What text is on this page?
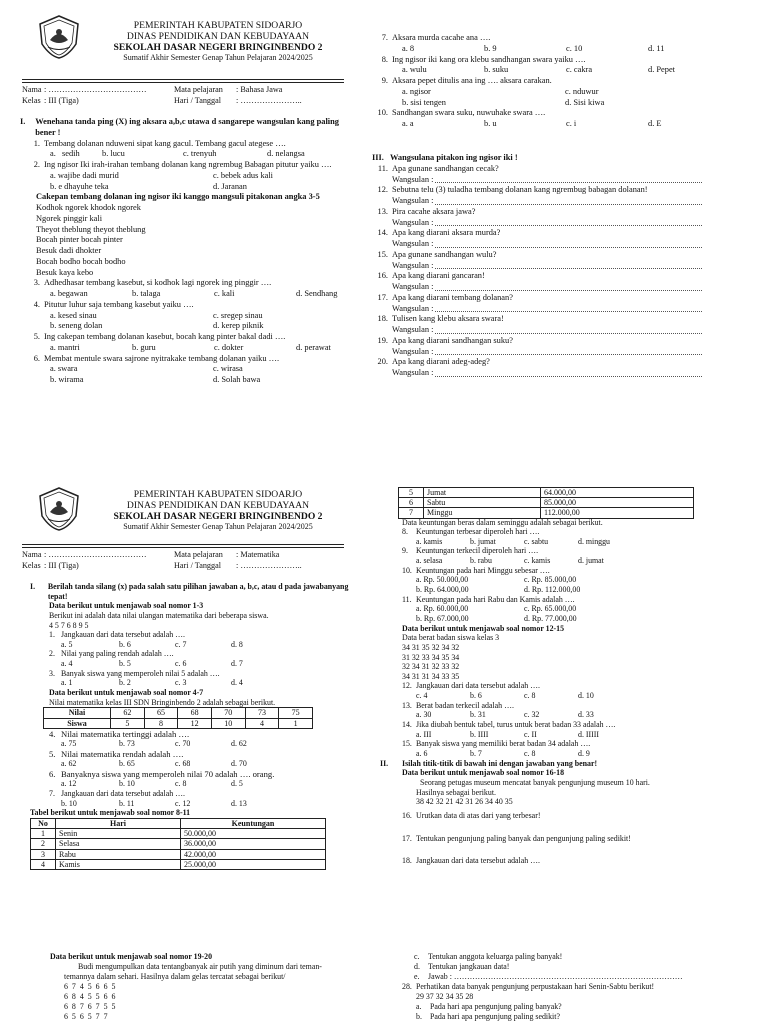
PEMERINTAH KABUPATEN SIDOARJO
DINAS PENDIDIKAN DAN KEBUDAYAAN
SEKOLAH DASAR NEGERI BRINGINBENDO 2
Sumatif Akhir Semester Genap Tahun Pelajaran 2024/2025
Nama : ………………………………	Mata pelajaran	: Bahasa Jawa
Kelas : III (Tiga)	Hari / Tanggal	: …………………..
I.	Wenehana tanda ping (X) ing aksara a,b,c utawa d sangarepe wangsulan kang paling bener !
1. Tembang dolanan nduweni sipat kang gacul. Tembang gacul ategese ….
a. sedih	b. lucu	c. trenyuh	d. nelangsa
2. Ing ngisor Iki irah-irahan tembang dolanan kang ngrembug Babagan pitutur yaiku ….
a. wajibe dadi murid	c. bebek adus kali
b. e dhayuhe teka	d. Jaranan
Cakepan tembang dolanan ing ngisor iki kanggo mangsuli pitakonan angka 3-5
Kodhok ngorek khodok ngorek
Ngorek pinggir kali
Theyot theblung theyot theblung
Bocah pinter bocah pinter
Besuk dadi dhokter
Bocah bodho bocah bodho
Besuk kaya kebo
3. Adhedhasar tembang kasebut, si kodhok lagi ngorek ing pinggir ….
a. begawan	b. talaga	c. kali	d. Sendhang
4. Pitutur luhur saja tembang kasebut yaiku ….
a. kesed sinau	c. sregep sinau
b. seneng dolan	d. kerep piknik
5. Ing cakepan tembang dolanan kasebut, bocah kang pinter bakal dadi ….
a. mantri	b. guru	c. dokter	d. perawat
6. Membat mentule swara sajrone nyitrakake tembang dolanan yaiku ….
a. swara	c. wirasa
b. wirama	d. Solah bawa
7. Aksara murda cacahe ana ….
a. 8	b. 9	c. 10	d. 11
8. Ing ngisor iki kang ora klebu sandhangan swara yaiku ….
a. wulu	b. suku	c. cakra	d. Pepet
9. Aksara pepet ditulis ana ing …. aksara carakan.
a. ngisor	c. nduwur
b. sisi tengen	d. Sisi kiwa
10. Sandhangan swara suku, nuwuhake swara ….
a. a	b. u	c. i	d. E
III. Wangsulana pitakon ing ngisor iki !
11. Apa gunane sandhangan cecak?
Wangsulan :
12. Sebutna telu (3) tuladha tembang dolanan kang ngrembug babagan dolanan!
Wangsulan :
13. Pira cacahe aksara jawa?
Wangsulan :
14. Apa kang diarani aksara murda?
Wangsulan :
15. Apa gunane sandhangan wulu?
Wangsulan :
16. Apa kang diarani gancaran!
Wangsulan :
17. Apa kang diarani tembang dolanan?
Wangsulan :
18. Tulisen kang klebu aksara swara!
Wangsulan :
19. Apa kang diarani sandhangan suku?
Wangsulan :
20. Apa kang diarani adeg-adeg?
Wangsulan :
PEMERINTAH KABUPATEN SIDOARJO
DINAS PENDIDIKAN DAN KEBUDAYAAN
SEKOLAH DASAR NEGERI BRINGINBENDO 2
Sumatif Akhir Semester Genap Tahun Pelajaran 2024/2025
Nama : ………………………………	Mata pelajaran	: Matematika
Kelas : III (Tiga)	Hari / Tanggal	: …………………..
I.	Berilah tanda silang (x) pada salah satu pilihan jawaban a, b,c, atau d pada jawabanyang tepat!
Data berikut untuk menjawab soal nomor 1-3
Berikut ini adalah data nilai ulangan matematika dari beberapa siswa.
4 5 7 6 8 9 5
1. Jangkauan dari data tersebut adalah ….
a. 5	b. 6	c. 7	d. 8
2. Nilai yang paling rendah adalah ….
a. 4	b. 5	c. 6	d. 7
3. Banyak siswa yang memperoleh nilai 5 adalah ….
a. 1	b. 2	c. 3	d. 4
Data berikut untuk menjawab soal nomor 4-7
Nilai matematika kelas III SDN Bringinbendo 2 adalah sebagai berikut.
Nilai	62	65	68	70	73	75
Siswa	5	8	12	10	4	1
4. Nilai matematika tertinggi adalah ….
a. 75	b. 73	c. 70	d. 62
5. Nilai matematika rendah adalah ….
a. 62	b. 65	c. 68	d. 70
6. Banyaknya siswa yang memperoleh nilai 70 adalah …. orang.
a. 12	b. 10	c. 8	d. 5
7. Jangkauan dari data tersebut adalah ….
b. 10	b. 11	c. 12	d. 13
Tabel berikut untuk menjawab soal nomor 8-11
No	Hari	Keuntungan
1	Senin	50.000,00
2	Selasa	36.000,00
3	Rabu	42.000,00
4	Kamis	25.000,00
5	Jumat	64.000,00
6	Sabtu	85.000,00
7	Minggu	112.000,00
Data keuntungan beras dalam seminggu adalah sebagai berikut.
8.	Keuntungan terbesar diperoleh hari ….
a. kamis	b. jumat	c. sabtu	d. minggu
9.	Keuntungan terkecil diperoleh hari ….
a. selasa	b. rabu	c. kamis	d. jumat
10. Keuntungan pada hari Minggu sebesar ….
a. Rp. 50.000,00	c. Rp. 85.000,00
b. Rp. 64.000,00	d. Rp. 112.000,00
11. Keuntungan pada hari Rabu dan Kamis adalah ….
a. Rp. 60.000,00	c. Rp. 65.000,00
b. Rp. 67.000,00	d. Rp. 77.000,00
Data berikut untuk menjawab soal nomor 12-15
Data berat badan siswa kelas 3
34 31 35 32 34 32
31 32 33 34 35 34
32 34 31 32 33 32
34 31 31 34 33 35
12. Jangkauan dari data tersebut adalah ….
c. 4	b. 6	c. 8	d. 10
13. Berat badan terkecil adalah ….
a. 30	b. 31	c. 32	d. 33
14. Jika diubah bentuk tabel, turus untuk berat badan 33 adalah ….
a. III	b. IIII	c. II	d. IIIII
15. Banyak siswa yang memiliki berat badan 34 adalah ….
a. 6	b. 7	c. 8	d. 9
II.	Isilah titik-titik di bawah ini dengan jawaban yang benar!
Data berikut untuk menjawab soal nomor 16-18
Seorang petugas museum mencatat banyak pengunjung museum 10 hari.
Hasilnya sebagai berikut.
38 42 32 21 42 31 26 34 40 35
16. Urutkan data di atas dari yang terbesar!
17. Tentukan pengunjung paling banyak dan pengunjung paling sedikit!
18. Jangkauan dari data tersebut adalah ….
Data berikut untuk menjawab soal nomor 19-20
Budi mengumpulkan data tentangbanyak air putih yang diminum dari teman-
temannya dalam sehari. Hasilnya dalam gelas tercatat sebagai berikut/
6 7 4 5 6 6 5
6 8 4 5 5 6 6
6 8 7 6 7 5 5
6 5 6 5 7 7
c.	Tentukan anggota keluarga paling banyak!
d.	Tentukan jangkauan data!
e.	Jawab : ……………………………………………………………………………
28. Perhatikan data banyak pengunjung perpustakaan hari Senin-Sabtu berikut!
29 37 32 34 35 28
a.	Pada hari apa pengunjung paling banyak?
b.	Pada hari apa pengunjung paling sedikit?
